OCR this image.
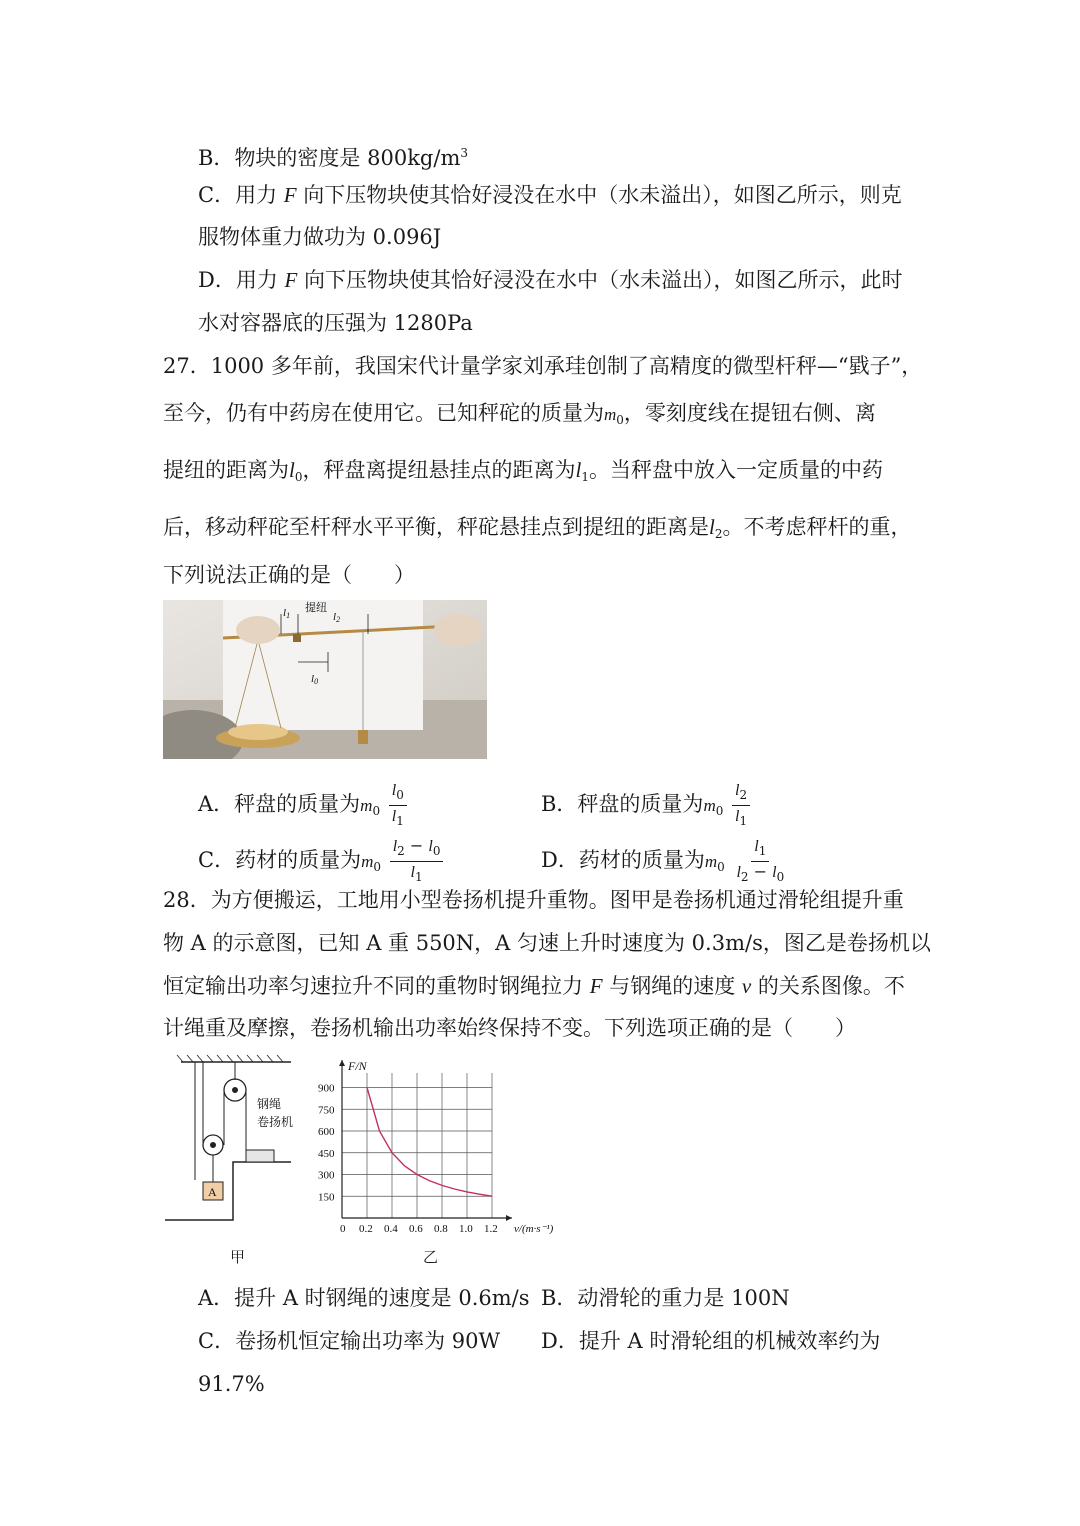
B．物块的密度是 $800kg/m^3$
C．用力 F 向下压物块使其恰好浸没在水中（水未溢出），如图乙所示，则克
服物体重力做功为 0.096J
D．用力 F 向下压物块使其恰好浸没在水中（水未溢出），如图乙所示，此时
水对容器底的压强为 1280Pa
27．1000 多年前，我国宋代计量学家刘承珪创制了高精度的微型杆秤—“戥子”，
至今，仍有中药房在使用它。已知秤砣的质量为$m_0$，零刻度线在提钮右侧、离
提纽的距离为$l_0$，秤盘离提纽悬挂点的距离为$l_1$。当秤盘中放入一定质量的中药
后，移动秤砣至杆秤水平平衡，秤砣悬挂点到提纽的距离是$l_2$。不考虑秤杆的重，
下列说法正确的是（　　）
l1
提纽
l2
l0
A．秤盘的质量为$m_0 \frac{l_0}{l_1}$	B．秤盘的质量为$m_0 \frac{l_2}{l_1}$
C．药材的质量为$m_0 \frac{l_2 - l_0}{l_1}$	D．药材的质量为$m_0 \frac{l_1}{l_2 - l_0}$
28．为方便搬运，工地用小型卷扬机提升重物。图甲是卷扬机通过滑轮组提升重
物 A 的示意图，已知 A 重 550N，A 匀速上升时速度为 0.3m/s，图乙是卷扬机以
恒定输出功率匀速拉升不同的重物时钢绳拉力 F 与钢绳的速度 v 的关系图像。不
计绳重及摩擦，卷扬机输出功率始终保持不变。下列选项正确的是（　　）
A
钢绳
卷扬机
甲
0 0.2 0.4 0.6 0.8 1.0 1.2
150
300
450
600
750
900
F/N
v/(m·s⁻¹)
乙
A．提升 A 时钢绳的速度是 0.6m/s B．动滑轮的重力是 100N
C．卷扬机恒定输出功率为 90W D．提升 A 时滑轮组的机械效率约为
91.7%
